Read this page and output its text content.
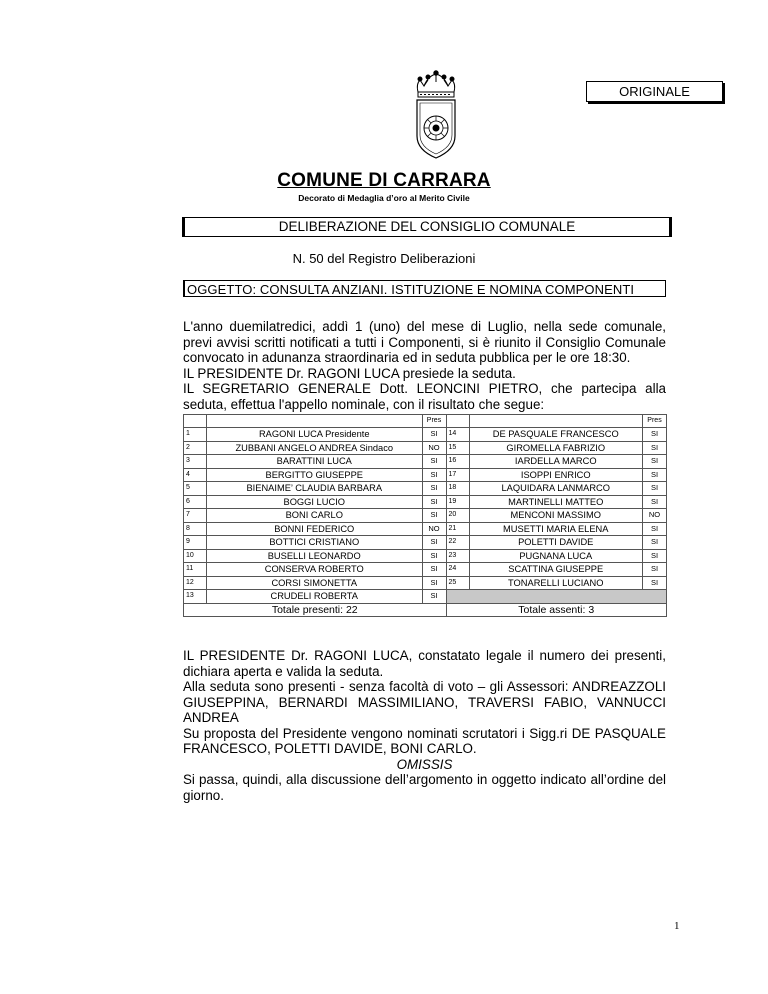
ORIGINALE
COMUNE DI CARRARA
Decorato di Medaglia d’oro al Merito Civile
DELIBERAZIONE DEL CONSIGLIO COMUNALE
N. 50 del Registro Deliberazioni
OGGETTO: CONSULTA ANZIANI. ISTITUZIONE E NOMINA COMPONENTI
L'anno duemilatredici, addì 1 (uno) del mese di Luglio, nella sede comunale,
previ avvisi scritti notificati a tutti i Componenti, si è riunito il Consiglio Comunale
convocato in adunanza straordinaria ed in seduta pubblica per le ore 18:30.
IL PRESIDENTE Dr. RAGONI LUCA presiede la seduta.
IL SEGRETARIO GENERALE Dott. LEONCINI PIETRO, che partecipa alla
seduta, effettua l'appello nominale, con il risultato che segue:
		Pres			Pres
1	RAGONI LUCA Presidente	SI	14	DE PASQUALE FRANCESCO	SI
2	ZUBBANI ANGELO ANDREA Sindaco	NO	15	GIROMELLA FABRIZIO	SI
3	BARATTINI LUCA	SI	16	IARDELLA MARCO	SI
4	BERGITTO GIUSEPPE	SI	17	ISOPPI ENRICO	SI
5	BIENAIME’ CLAUDIA BARBARA	SI	18	LAQUIDARA LANMARCO	SI
6	BOGGI LUCIO	SI	19	MARTINELLI MATTEO	SI
7	BONI CARLO	SI	20	MENCONI MASSIMO	NO
8	BONNI FEDERICO	NO	21	MUSETTI MARIA ELENA	SI
9	BOTTICI CRISTIANO	SI	22	POLETTI DAVIDE	SI
10	BUSELLI LEONARDO	SI	23	PUGNANA LUCA	SI
11	CONSERVA ROBERTO	SI	24	SCATTINA GIUSEPPE	SI
12	CORSI SIMONETTA	SI	25	TONARELLI LUCIANO	SI
13	CRUDELI ROBERTA	SI			
Totale presenti: 22			Totale assenti: 3		
IL PRESIDENTE Dr. RAGONI LUCA, constatato legale il numero dei presenti,
dichiara aperta e valida la seduta.
Alla seduta sono presenti - senza facoltà di voto – gli Assessori: ANDREAZZOLI
GIUSEPPINA, BERNARDI MASSIMILIANO, TRAVERSI FABIO, VANNUCCI
ANDREA
Su proposta del Presidente vengono nominati scrutatori i Sigg.ri DE PASQUALE
FRANCESCO, POLETTI DAVIDE, BONI CARLO.
OMISSIS
Si passa, quindi, alla discussione dell’argomento in oggetto indicato all’ordine del
giorno.
1
